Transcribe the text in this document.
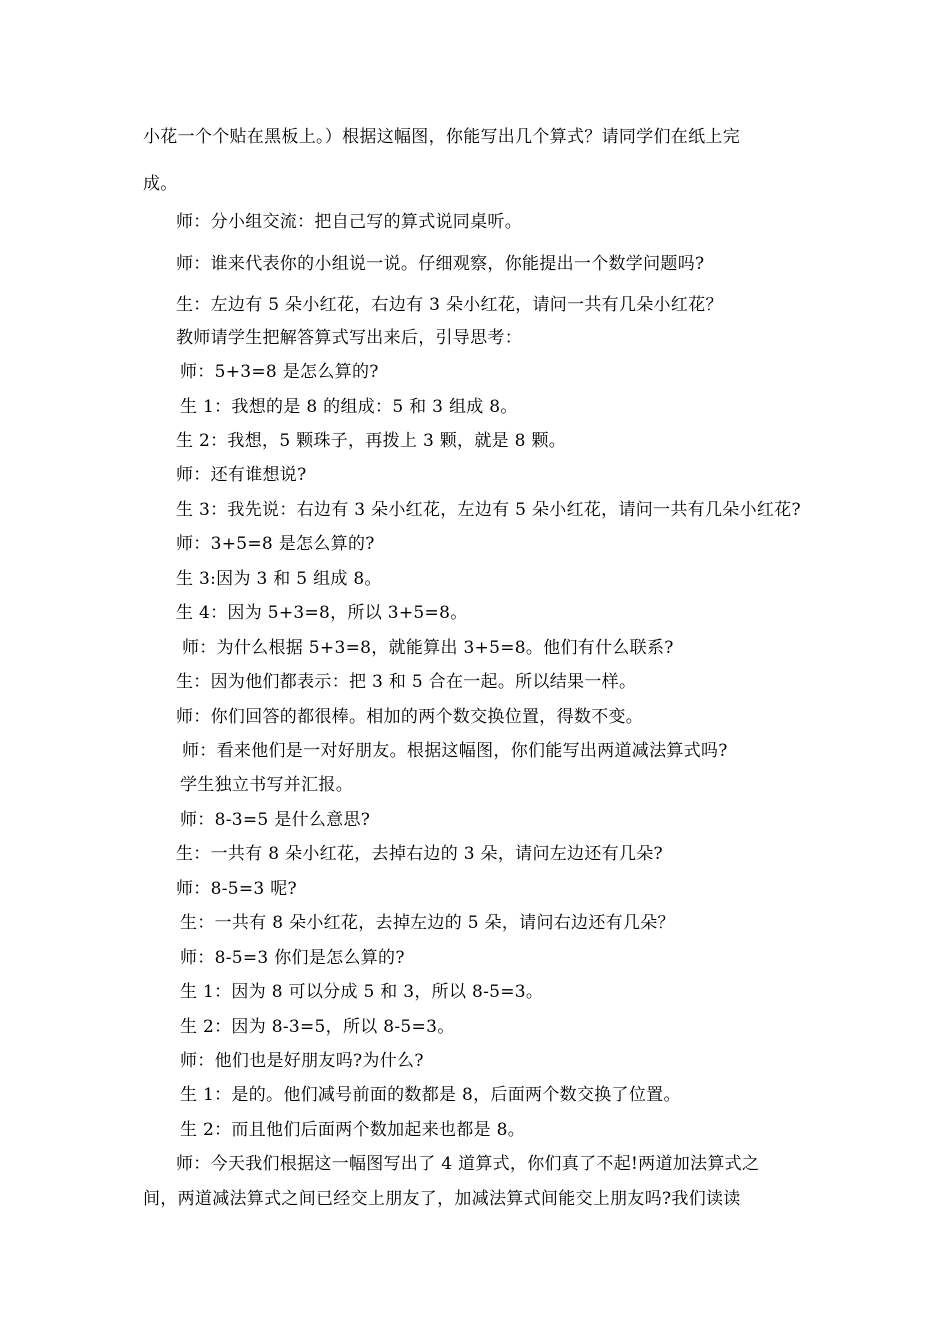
小花一个个贴在黑板上。）根据这幅图，你能写出几个算式？请同学们在纸上完
成。
师：分小组交流：把自己写的算式说同桌听。
师：谁来代表你的小组说一说。仔细观察，你能提出一个数学问题吗?
生：左边有 5 朵小红花，右边有 3 朵小红花，请问一共有几朵小红花？
教师请学生把解答算式写出来后，引导思考：
师：5+3=8 是怎么算的?
生 1：我想的是 8 的组成：5 和 3 组成 8。
生 2：我想，5 颗珠子，再拨上 3 颗，就是 8 颗。
师：还有谁想说?
生 3：我先说：右边有 3 朵小红花，左边有 5 朵小红花，请问一共有几朵小红花?
师：3+5=8 是怎么算的?
生 3:因为 3 和 5 组成 8。
生 4：因为 5+3=8，所以 3+5=8。
师：为什么根据 5+3=8，就能算出 3+5=8。他们有什么联系?
生：因为他们都表示：把 3 和 5 合在一起。所以结果一样。
师：你们回答的都很棒。相加的两个数交换位置，得数不变。
师：看来他们是一对好朋友。根据这幅图，你们能写出两道减法算式吗?
学生独立书写并汇报。
师：8-3=5 是什么意思?
生：一共有 8 朵小红花，去掉右边的 3 朵，请问左边还有几朵?
师：8-5=3 呢?
生：一共有 8 朵小红花，去掉左边的 5 朵，请问右边还有几朵？
师：8-5=3 你们是怎么算的?
生 1：因为 8 可以分成 5 和 3，所以 8-5=3。
生 2：因为 8-3=5，所以 8-5=3。
师：他们也是好朋友吗?为什么?
生 1：是的。他们减号前面的数都是 8，后面两个数交换了位置。
生 2：而且他们后面两个数加起来也都是 8。
师：今天我们根据这一幅图写出了 4 道算式，你们真了不起!两道加法算式之
间，两道减法算式之间已经交上朋友了，加减法算式间能交上朋友吗?我们读读
